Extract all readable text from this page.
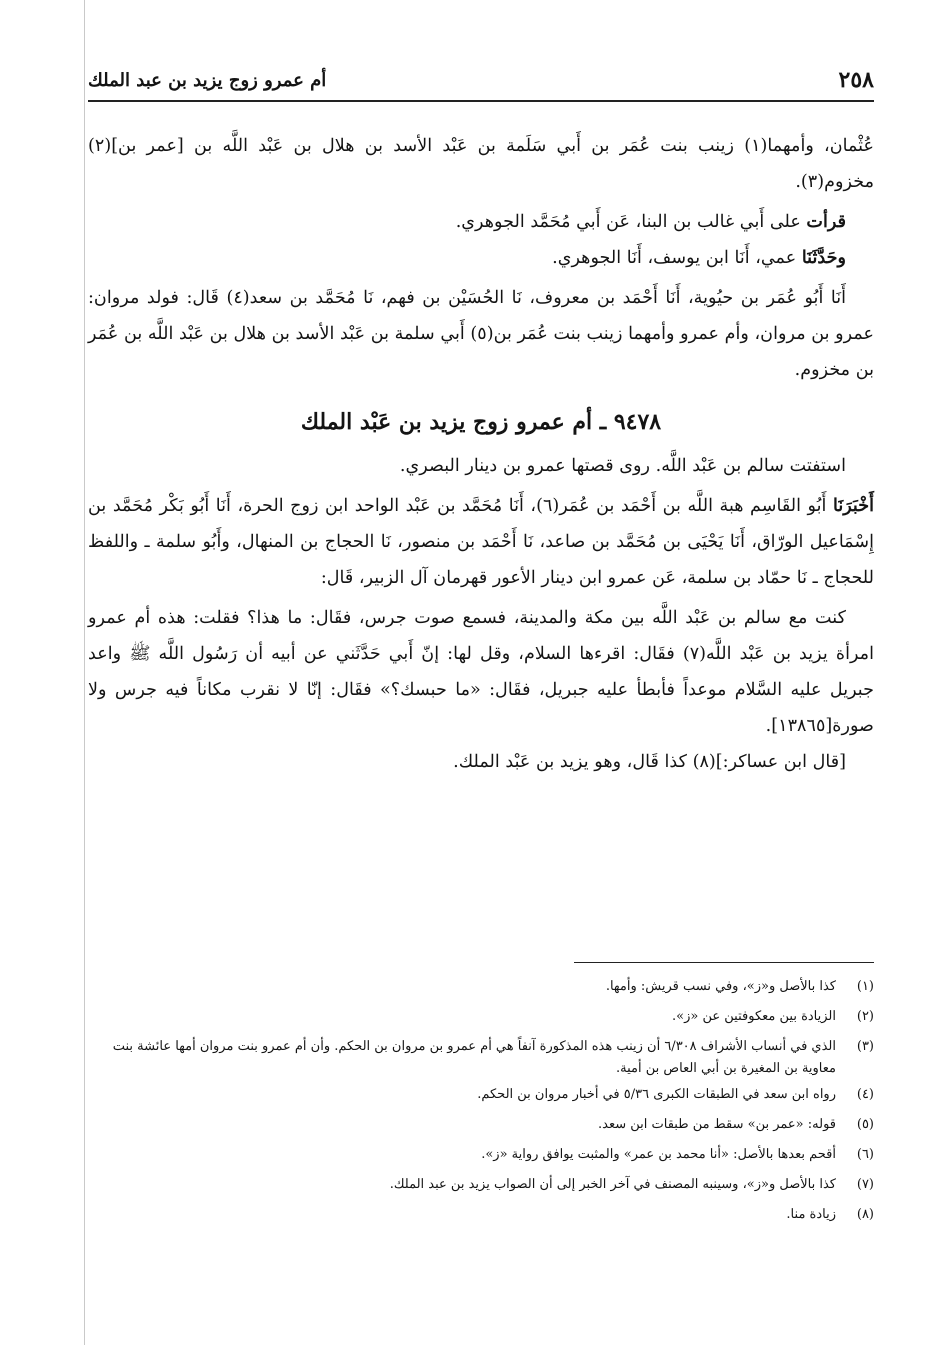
٢٥٨
أم عمرو زوج يزيد بن عبد الملك

عُثْمان، وأمهما(١) زينب بنت عُمَر بن أَبي سَلَمة بن عَبْد الأسد بن هلال بن عَبْد اللَّه بن [عمر بن](٢) مخزوم(٣).

قرأت على أَبي غالب بن البنا، عَن أَبي مُحَمَّد الجوهري.

وحَدَّثَنَا عمي، أَنَا ابن يوسف، أَنَا الجوهري.

أَنَا أَبُو عُمَر بن حيُوية، أَنَا أَحْمَد بن معروف، نَا الحُسَيْن بن فهم، نَا مُحَمَّد بن سعد(٤) قَال: فولد مروان: عمرو بن مروان، وأم عمرو وأمهما زينب بنت عُمَر بن(٥) أَبي سلمة بن عَبْد الأسد بن هلال بن عَبْد اللَّه بن عُمَر بن مخزوم.

٩٤٧٨ ـ أم عمرو زوج يزيد بن عَبْد الملك

استفتت سالم بن عَبْد اللَّه. روى قصتها عمرو بن دينار البصري.

أَخْبَرَنَا أَبُو القَاسِم هبة اللَّه بن أَحْمَد بن عُمَر(٦)، أَنَا مُحَمَّد بن عَبْد الواحد ابن زوج الحرة، أَنَا أَبُو بَكْر مُحَمَّد بن إِسْمَاعيل الورّاق، أَنَا يَحْيَى بن مُحَمَّد بن صاعد، نَا أَحْمَد بن منصور، نَا الحجاج بن المنهال، وأَبُو سلمة ـ واللفظ للحجاج ـ نَا حمّاد بن سلمة، عَن عمرو ابن دينار الأعور قهرمان آل الزبير، قَال:

كنت مع سالم بن عَبْد اللَّه بين مكة والمدينة، فسمع صوت جرس، فقَال: ما هذا؟ فقلت: هذه أم عمرو امرأة يزيد بن عَبْد اللَّه(٧) فقَال: اقرءها السلام، وقل لها: إنّ أَبي حَدَّثَني عن أبيه أن رَسُول اللَّه ﷺ واعد جبريل عليه السَّلام موعداً فأبطأ عليه جبريل، فقَال: «ما حبسك؟» فقَال: إنّا لا نقرب مكاناً فيه جرس ولا صورة[١٣٨٦٥].

[قال ابن عساكر:](٨) كذا قَال، وهو يزيد بن عَبْد الملك.

(١)
كذا بالأصل و«ز»، وفي نسب قريش: وأمها.
(٢)
الزيادة بين معكوفتين عن «ز».
(٣)
الذي في أنساب الأشراف ٦/٣٠٨ أن زينب هذه المذكورة آنفاً هي أم عمرو بن مروان بن الحكم. وأن أم عمرو بنت مروان أمها عائشة بنت معاوية بن المغيرة بن أبي العاص بن أمية.
(٤)
رواه ابن سعد في الطبقات الكبرى ٥/٣٦ في أخبار مروان بن الحكم.
(٥)
قوله: «عمر بن» سقط من طبقات ابن سعد.
(٦)
أقحم بعدها بالأصل: «أنا محمد بن عمر» والمثبت يوافق رواية «ز».
(٧)
كذا بالأصل و«ز»، وسينبه المصنف في آخر الخبر إلى أن الصواب يزيد بن عبد الملك.
(٨)
زيادة منا.
